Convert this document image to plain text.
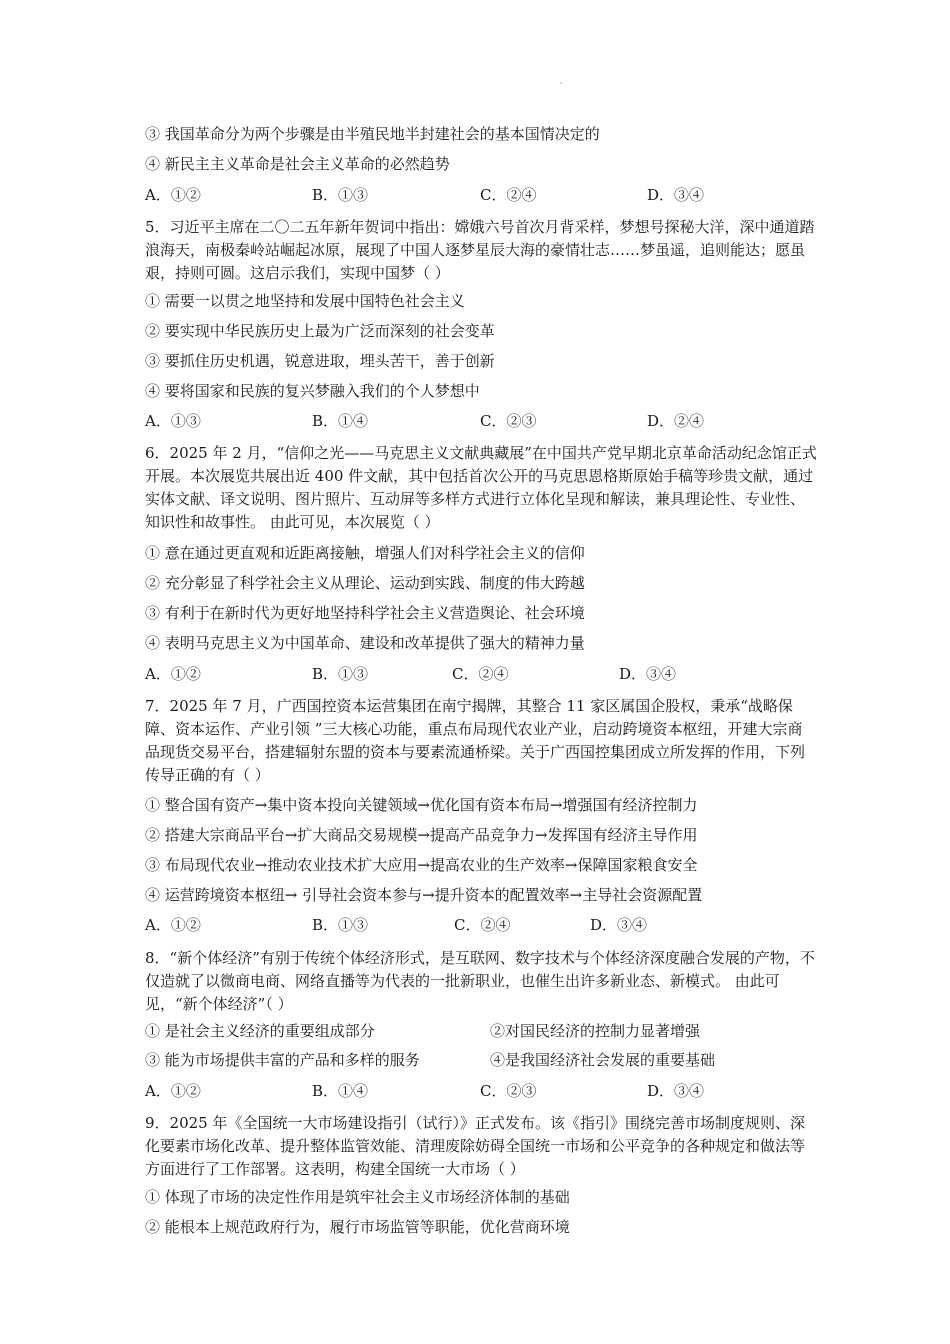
③ 我国革命分为两个步骤是由半殖民地半封建社会的基本国情决定的
④ 新民主主义革命是社会主义革命的必然趋势
A．①②	B．①③	C．②④	D．③④
5．习近平主席在二〇二五年新年贺词中指出：嫦娥六号首次月背采样，梦想号探秘大洋，深中通道踏浪海天，南极秦岭站崛起冰原，展现了中国人逐梦星辰大海的豪情壮志……梦虽遥，追则能达；愿虽艰，持则可圆。这启示我们，实现中国梦（ ）
① 需要一以贯之地坚持和发展中国特色社会主义
② 要实现中华民族历史上最为广泛而深刻的社会变革
③ 要抓住历史机遇，锐意进取，埋头苦干，善于创新
④ 要将国家和民族的复兴梦融入我们的个人梦想中
A．①③	B．①④	C．②③	D．②④
6．2025 年 2 月，“信仰之光——马克思主义文献典藏展”在中国共产党早期北京革命活动纪念馆正式开展。本次展览共展出近 400 件文献，其中包括首次公开的马克思恩格斯原始手稿等珍贵文献，通过实体文献、译文说明、图片照片、互动屏等多样方式进行立体化呈现和解读，兼具理论性、专业性、知识性和故事性。 由此可见，本次展览（ ）
① 意在通过更直观和近距离接触，增强人们对科学社会主义的信仰
② 充分彰显了科学社会主义从理论、运动到实践、制度的伟大跨越
③ 有利于在新时代为更好地坚持科学社会主义营造舆论、社会环境
④ 表明马克思主义为中国革命、建设和改革提供了强大的精神力量
A．①②	B．①③	C．②④	D．③④
7．2025 年 7 月，广西国控资本运营集团在南宁揭牌，其整合 11 家区属国企股权，秉承“战略保障、资本运作、产业引领 ”三大核心功能，重点布局现代农业产业，启动跨境资本枢纽，开建大宗商品现货交易平台，搭建辐射东盟的资本与要素流通桥梁。关于广西国控集团成立所发挥的作用，下列传导正确的有（ ）
① 整合国有资产→集中资本投向关键领域→优化国有资本布局→增强国有经济控制力
② 搭建大宗商品平台→扩大商品交易规模→提高产品竞争力→发挥国有经济主导作用
③ 布局现代农业→推动农业技术扩大应用→提高农业的生产效率→保障国家粮食安全
④ 运营跨境资本枢纽→ 引导社会资本参与→提升资本的配置效率→主导社会资源配置
A．①②	B．①③	C．②④	D．③④
8．“新个体经济”有别于传统个体经济形式，是互联网、数字技术与个体经济深度融合发展的产物，不仅造就了以微商电商、网络直播等为代表的一批新职业，也催生出许多新业态、新模式。 由此可见，“新个体经济”（ ）
① 是社会主义经济的重要组成部分	②对国民经济的控制力显著增强
③ 能为市场提供丰富的产品和多样的服务	④是我国经济社会发展的重要基础
A．①②	B．①④	C．②③	D．③④
9．2025 年《全国统一大市场建设指引（试行）》正式发布。该《指引》围绕完善市场制度规则、深化要素市场化改革、提升整体监管效能、清理废除妨碍全国统一市场和公平竞争的各种规定和做法等方面进行了工作部署。这表明，构建全国统一大市场（ ）
① 体现了市场的决定性作用是筑牢社会主义市场经济体制的基础
② 能根本上规范政府行为，履行市场监管等职能，优化营商环境
